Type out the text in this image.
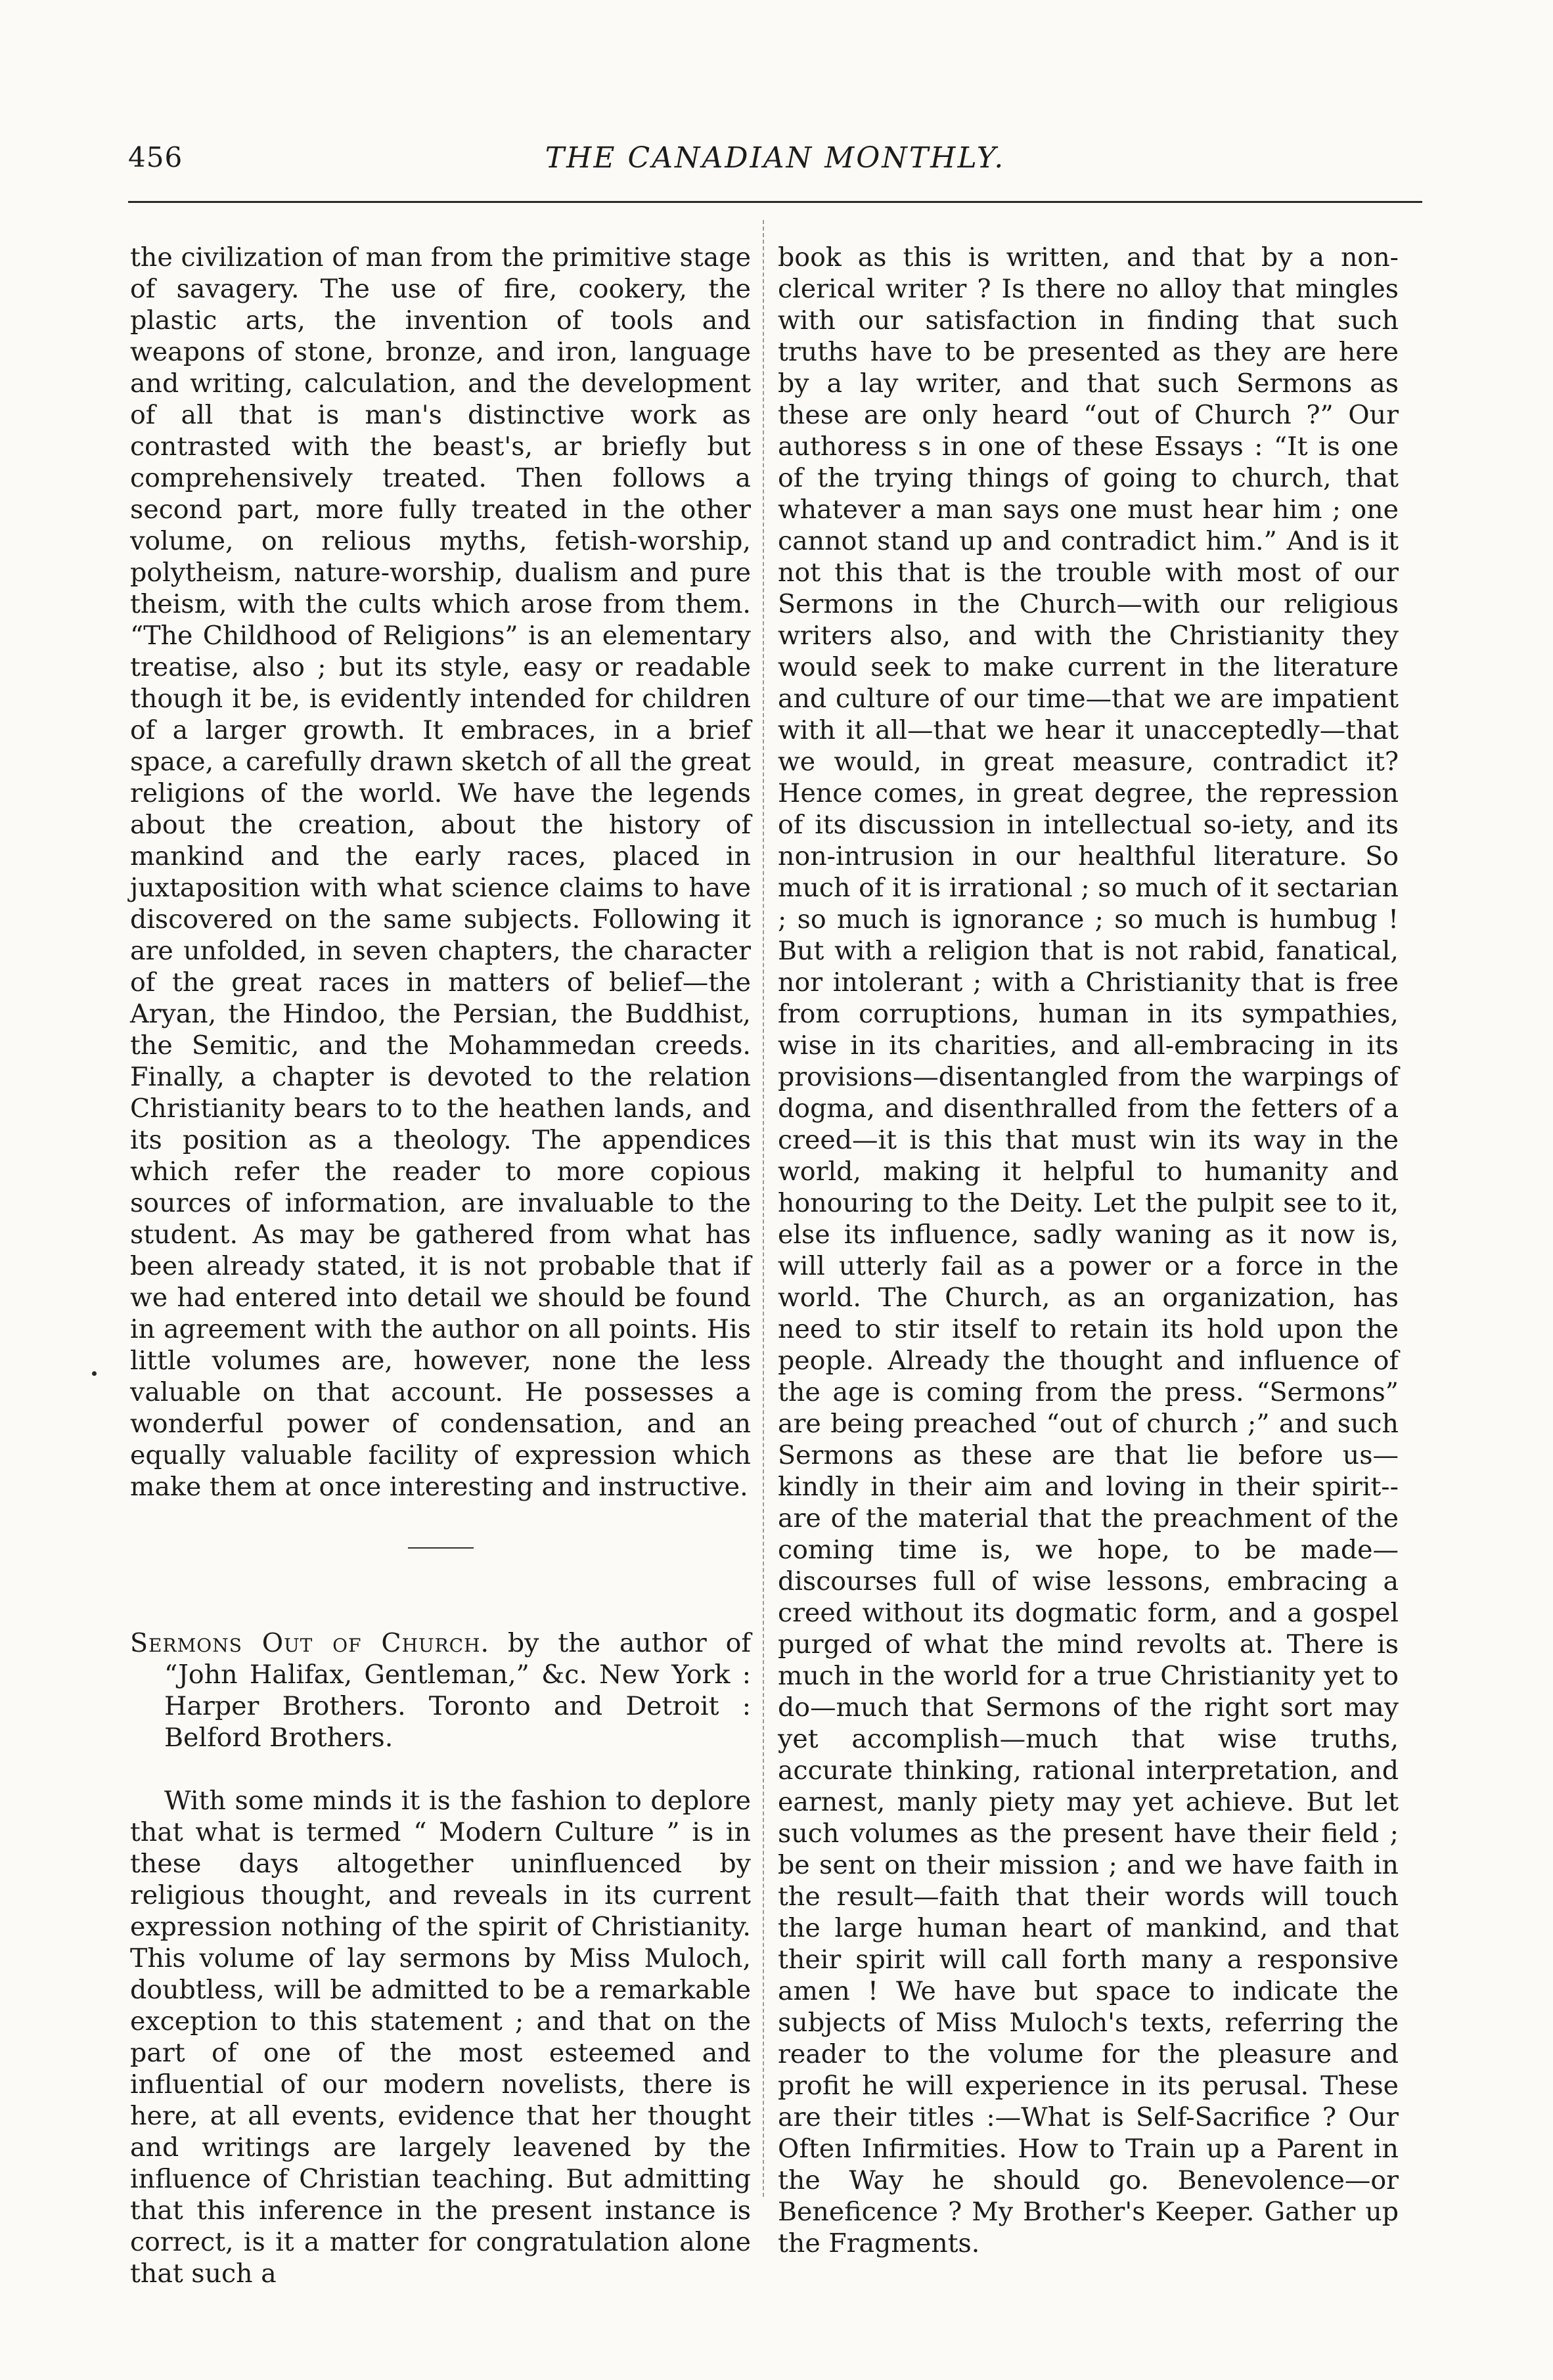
456	THE CANADIAN MONTHLY.

the civilization of man from the primitive stage of savagery. The use of fire, cookery, the plastic arts, the invention of tools and weapons of stone, bronze, and iron, language and writing, calculation, and the development of all that is man's distinctive work as contrasted with the beast's, ar briefly but comprehensively treated. Then follows a second part, more fully treated in the other volume, on relious myths, fetish-worship, polytheism, nature-worship, dualism and pure theism, with the cults which arose from them. “The Childhood of Religions” is an elementary treatise, also ; but its style, easy or readable though it be, is evidently intended for children of a larger growth. It embraces, in a brief space, a carefully drawn sketch of all the great religions of the world. We have the legends about the creation, about the history of mankind and the early races, placed in juxtaposition with what science claims to have discovered on the same subjects. Following it are unfolded, in seven chapters, the character of the great races in matters of belief—the Aryan, the Hindoo, the Persian, the Buddhist, the Semitic, and the Mohammedan creeds. Finally, a chapter is devoted to the relation Christianity bears to to the heathen lands, and its position as a theology. The appendices which refer the reader to more copious sources of information, are invaluable to the student. As may be gathered from what has been already stated, it is not probable that if we had entered into detail we should be found in agreement with the author on all points. His little volumes are, however, none the less valuable on that account. He possesses a wonderful power of condensation, and an equally valuable facility of expression which make them at once interesting and instructive.

Sermons Out of Church. by the author of “John Halifax, Gentleman,” &c. New York : Harper Brothers. Toronto and Detroit : Belford Brothers.

With some minds it is the fashion to deplore that what is termed “ Modern Culture ” is in these days altogether uninfluenced by religious thought, and reveals in its current expression nothing of the spirit of Christianity. This volume of lay sermons by Miss Muloch, doubtless, will be admitted to be a remarkable exception to this statement ; and that on the part of one of the most esteemed and influential of our modern novelists, there is here, at all events, evidence that her thought and writings are largely leavened by the influence of Christian teaching. But admitting that this inference in the present instance is correct, is it a matter for congratulation alone that such a

book as this is written, and that by a non-clerical writer ? Is there no alloy that mingles with our satisfaction in finding that such truths have to be presented as they are here by a lay writer, and that such Sermons as these are only heard “out of Church ?” Our authoress s in one of these Essays : “It is one of the trying things of going to church, that whatever a man says one must hear him ; one cannot stand up and contradict him.” And is it not this that is the trouble with most of our Sermons in the Church—with our religious writers also, and with the Christianity they would seek to make current in the literature and culture of our time—that we are impatient with it all—that we hear it unacceptedly—that we would, in great measure, contradict it? Hence comes, in great degree, the repression of its discussion in intellectual so-iety, and its non-intrusion in our healthful literature. So much of it is irrational ; so much of it sectarian ; so much is ignorance ; so much is humbug ! But with a religion that is not rabid, fanatical, nor intolerant ; with a Christianity that is free from corruptions, human in its sympathies, wise in its charities, and all-embracing in its provisions—disentangled from the warpings of dogma, and disenthralled from the fetters of a creed—it is this that must win its way in the world, making it helpful to humanity and honouring to the Deity. Let the pulpit see to it, else its influence, sadly waning as it now is, will utterly fail as a power or a force in the world. The Church, as an organization, has need to stir itself to retain its hold upon the people. Already the thought and influence of the age is coming from the press. “Sermons” are being preached “out of church ;” and such Sermons as these are that lie before us—kindly in their aim and loving in their spirit--are of the material that the preachment of the coming time is, we hope, to be made—discourses full of wise lessons, embracing a creed without its dogmatic form, and a gospel purged of what the mind revolts at. There is much in the world for a true Christianity yet to do—much that Sermons of the right sort may yet accomplish—much that wise truths, accurate thinking, rational interpretation, and earnest, manly piety may yet achieve. But let such volumes as the present have their field ; be sent on their mission ; and we have faith in the result—faith that their words will touch the large human heart of mankind, and that their spirit will call forth many a responsive amen ! We have but space to indicate the subjects of Miss Muloch's texts, referring the reader to the volume for the pleasure and profit he will experience in its perusal. These are their titles :—What is Self-Sacrifice ? Our Often Infirmities. How to Train up a Parent in the Way he should go. Benevolence—or Beneficence ? My Brother's Keeper. Gather up the Fragments.
